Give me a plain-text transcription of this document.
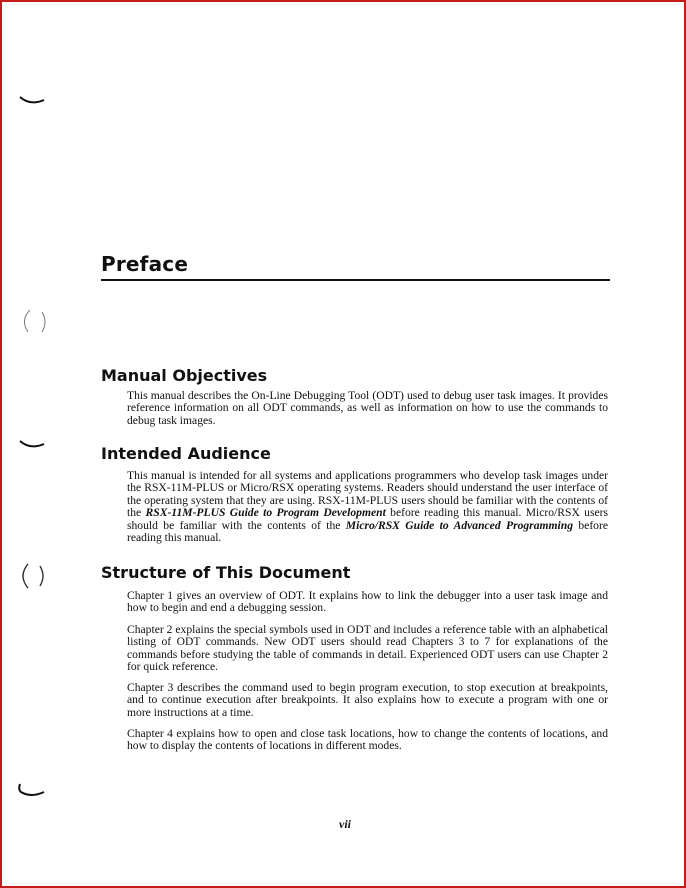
Preface
Manual Objectives

This manual describes the On-Line Debugging Tool (ODT) used to debug user task images. It provides reference information on all ODT commands, as well as information on how to use the commands to debug task images.

Intended Audience

This manual is intended for all systems and applications programmers who develop task images under the RSX-11M-PLUS or Micro/RSX operating systems. Readers should understand the user interface of the operating system that they are using. RSX-11M-PLUS users should be familiar with the contents of the RSX-11M-PLUS Guide to Program Development before reading this manual. Micro/RSX users should be familiar with the contents of the Micro/RSX Guide to Advanced Programming before reading this manual.

Structure of This Document

Chapter 1 gives an overview of ODT. It explains how to link the debugger into a user task image and how to begin and end a debugging session.

Chapter 2 explains the special symbols used in ODT and includes a reference table with an alphabetical listing of ODT commands. New ODT users should read Chapters 3 to 7 for explanations of the commands before studying the table of commands in detail. Experienced ODT users can use Chapter 2 for quick reference.

Chapter 3 describes the command used to begin program execution, to stop execution at breakpoints, and to continue execution after breakpoints. It also explains how to execute a program with one or more instructions at a time.

Chapter 4 explains how to open and close task locations, how to change the contents of locations, and how to display the contents of locations in different modes.

vii
